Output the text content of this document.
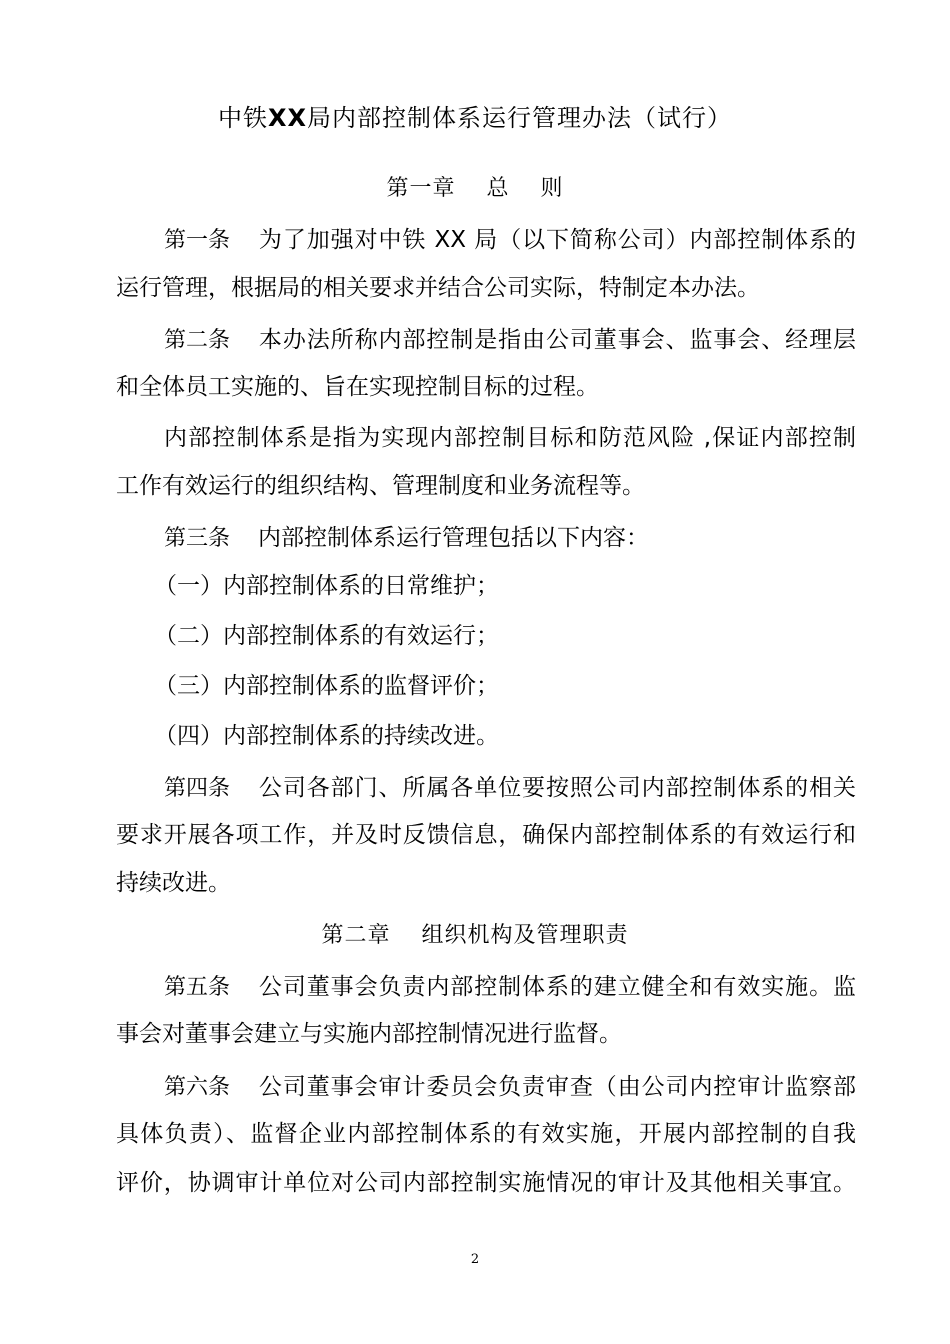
中铁XX局内部控制体系运行管理办法（试行）
第一章　 总　 则
第一条 为了加强对中铁 XX 局（以下简称公司）内部控制体系的
运行管理，根据局的相关要求并结合公司实际，特制定本办法。
第二条 本办法所称内部控制是指由公司董事会、监事会、经理层
和全体员工实施的、旨在实现控制目标的过程。
内部控制体系是指为实现内部控制目标和防范风险 ,保证内部控制
工作有效运行的组织结构、管理制度和业务流程等。
第三条 内部控制体系运行管理包括以下内容：
（一）内部控制体系的日常维护；
（二）内部控制体系的有效运行；
（三）内部控制体系的监督评价；
（四）内部控制体系的持续改进。
第四条 公司各部门、所属各单位要按照公司内部控制体系的相关
要求开展各项工作，并及时反馈信息，确保内部控制体系的有效运行和
持续改进。
第二章　 组织机构及管理职责
第五条 公司董事会负责内部控制体系的建立健全和有效实施。监
事会对董事会建立与实施内部控制情况进行监督。
第六条 公司董事会审计委员会负责审查（由公司内控审计监察部
具体负责）、监督企业内部控制体系的有效实施，开展内部控制的自我
评价，协调审计单位对公司内部控制实施情况的审计及其他相关事宜。
2
